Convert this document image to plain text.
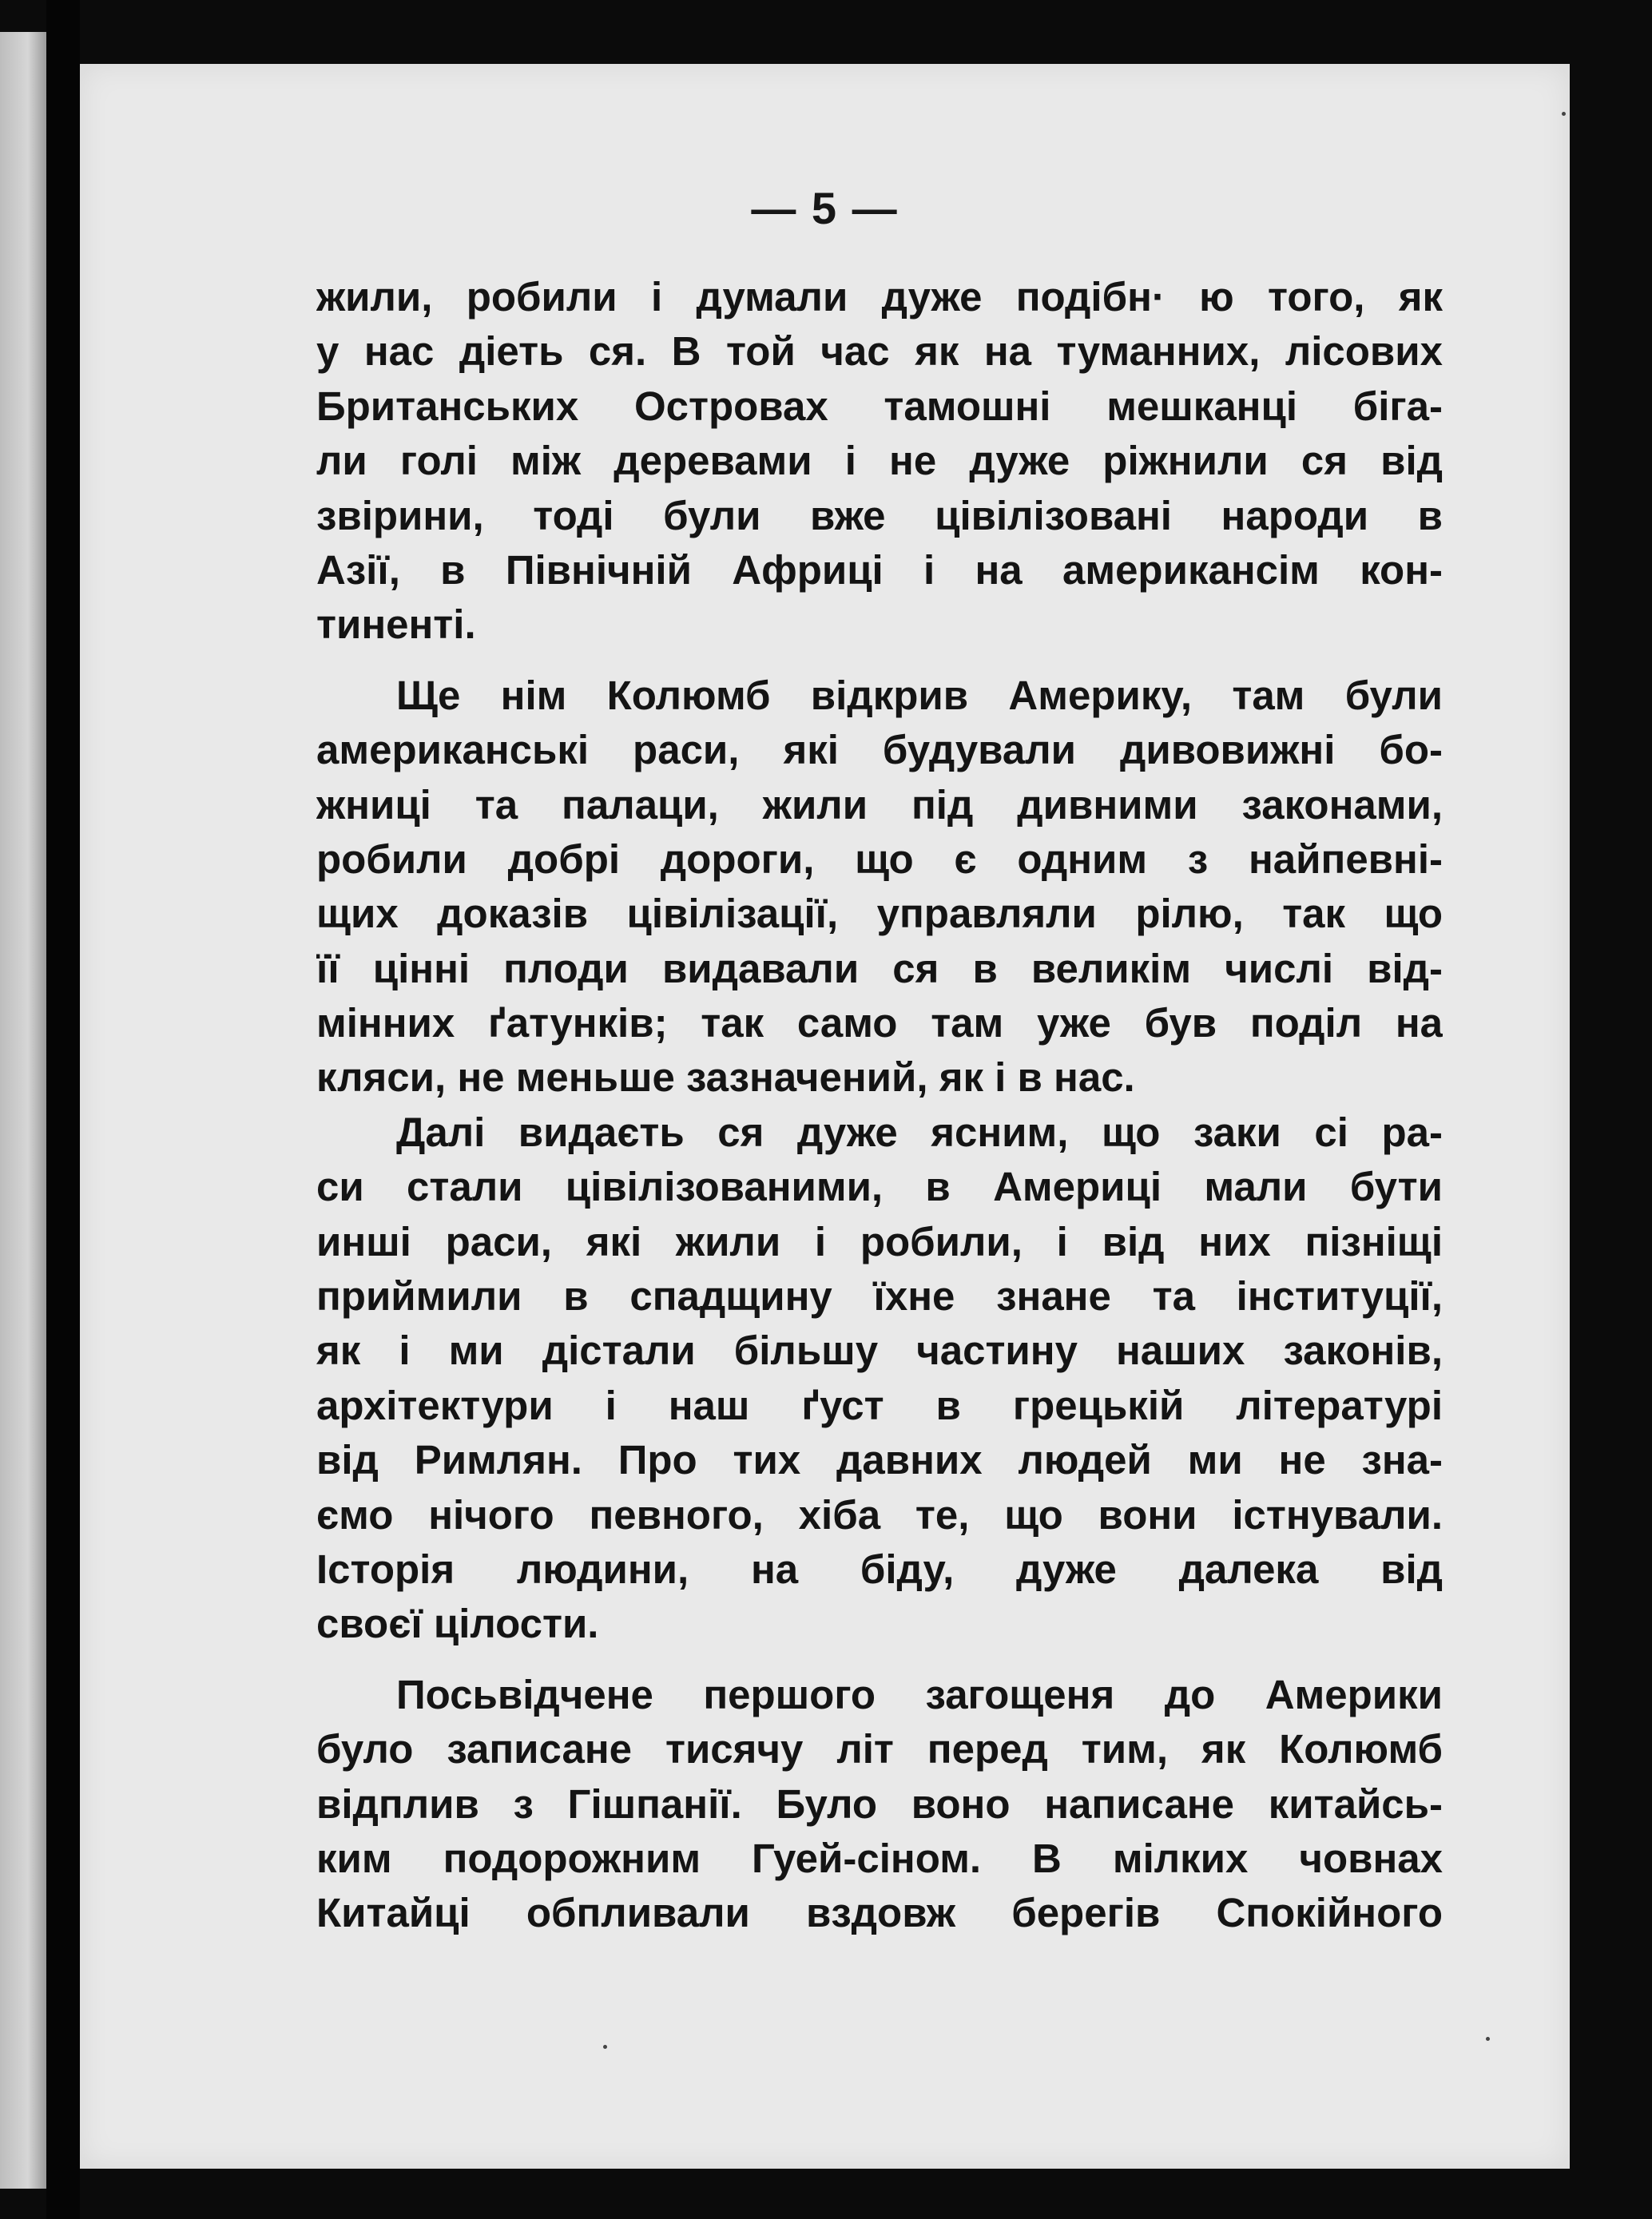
— 5 —
жили, робили і думали дуже подібн· ю того, як
у нас діеть ся. В той час як на туманних, лісових
Британських Островах тамошні мешканці біга-
ли голі між деревами і не дуже ріжнили ся від
звірини, тоді були вже цівілізовані народи в
Азії, в Північній Африці і на американсім кон-
тиненті.
Ще нім Колюмб відкрив Америку, там були
американські раси, які будували дивовижні бо-
жниці та палаци, жили під дивними законами,
робили добрі дороги, що є одним з найпевні-
щих доказів цівілізації, управляли рілю, так що
її цінні плоди видавали ся в великім числі від-
мінних ґатунків; так само там уже був поділ на
кляси, не меньше зазначений, як і в нас.
Далі видаєть ся дуже ясним, що заки сі ра-
си стали цівілізованими, в Америці мали бути
инші раси, які жили і робили, і від них пізніщі
приймили в спадщину їхне знане та інституції,
як і ми дістали більшу частину наших законів,
архітектури і наш ґуст в грецькій літературі
від Римлян. Про тих давних людей ми не зна-
ємо нічого певного, хіба те, що вони істнували.
Історія людини, на біду, дуже далека від
своєї цілости.
Посьвідчене першого загощеня до Америки
було записане тисячу літ перед тим, як Колюмб
відплив з Гішпанії. Було воно написане китайсь-
ким подорожним Гуей-сіном. В мілких човнах
Китайці обпливали вздовж берегів Спокійного
